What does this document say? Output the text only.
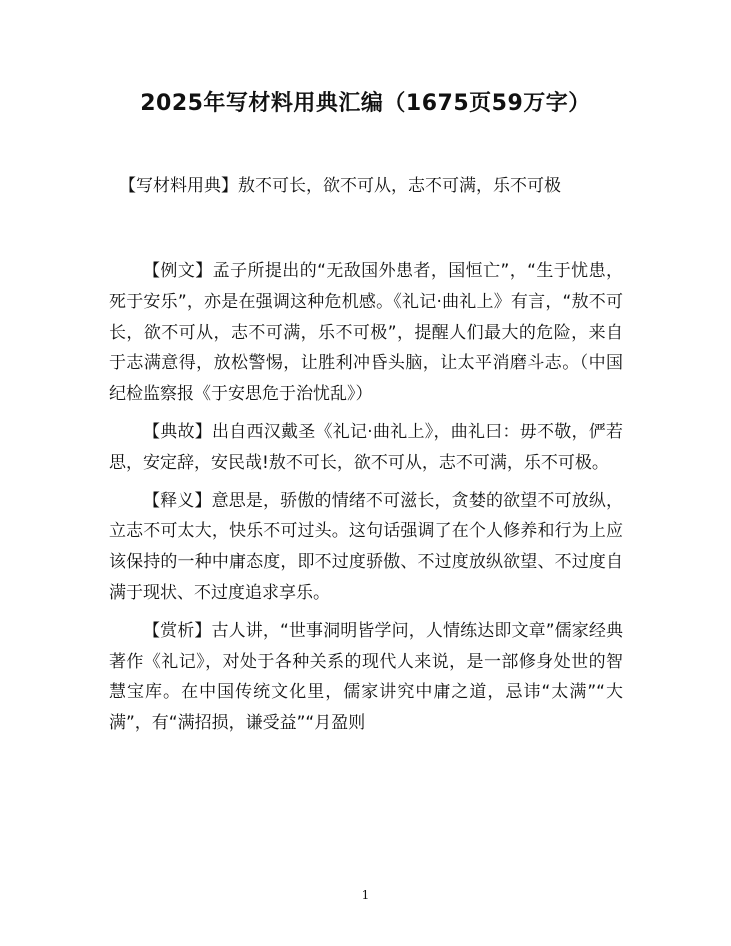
2025年写材料用典汇编（1675页59万字）
【写材料用典】敖不可长，欲不可从，志不可满，乐不可极

【例文】孟子所提出的“无敌国外患者，国恒亡”，“生于忧患，死于安乐”，亦是在强调这种危机感。《礼记·曲礼上》有言，“敖不可长，欲不可从，志不可满，乐不可极”，提醒人们最大的危险，来自于志满意得，放松警惕，让胜利冲昏头脑，让太平消磨斗志。（中国纪检监察报《于安思危于治忧乱》）

【典故】出自西汉戴圣《礼记·曲礼上》，曲礼曰：毋不敬，俨若思，安定辞，安民哉!敖不可长，欲不可从，志不可满，乐不可极。

【释义】意思是，骄傲的情绪不可滋长，贪婪的欲望不可放纵，立志不可太大，快乐不可过头。这句话强调了在个人修养和行为上应该保持的一种中庸态度，即不过度骄傲、不过度放纵欲望、不过度自满于现状、不过度追求享乐。

【赏析】古人讲，“世事洞明皆学问，人情练达即文章”儒家经典著作《礼记》，对处于各种关系的现代人来说，是一部修身处世的智慧宝库。在中国传统文化里，儒家讲究中庸之道，忌讳“太满”“大满”，有“满招损，谦受益”“月盈则

1
